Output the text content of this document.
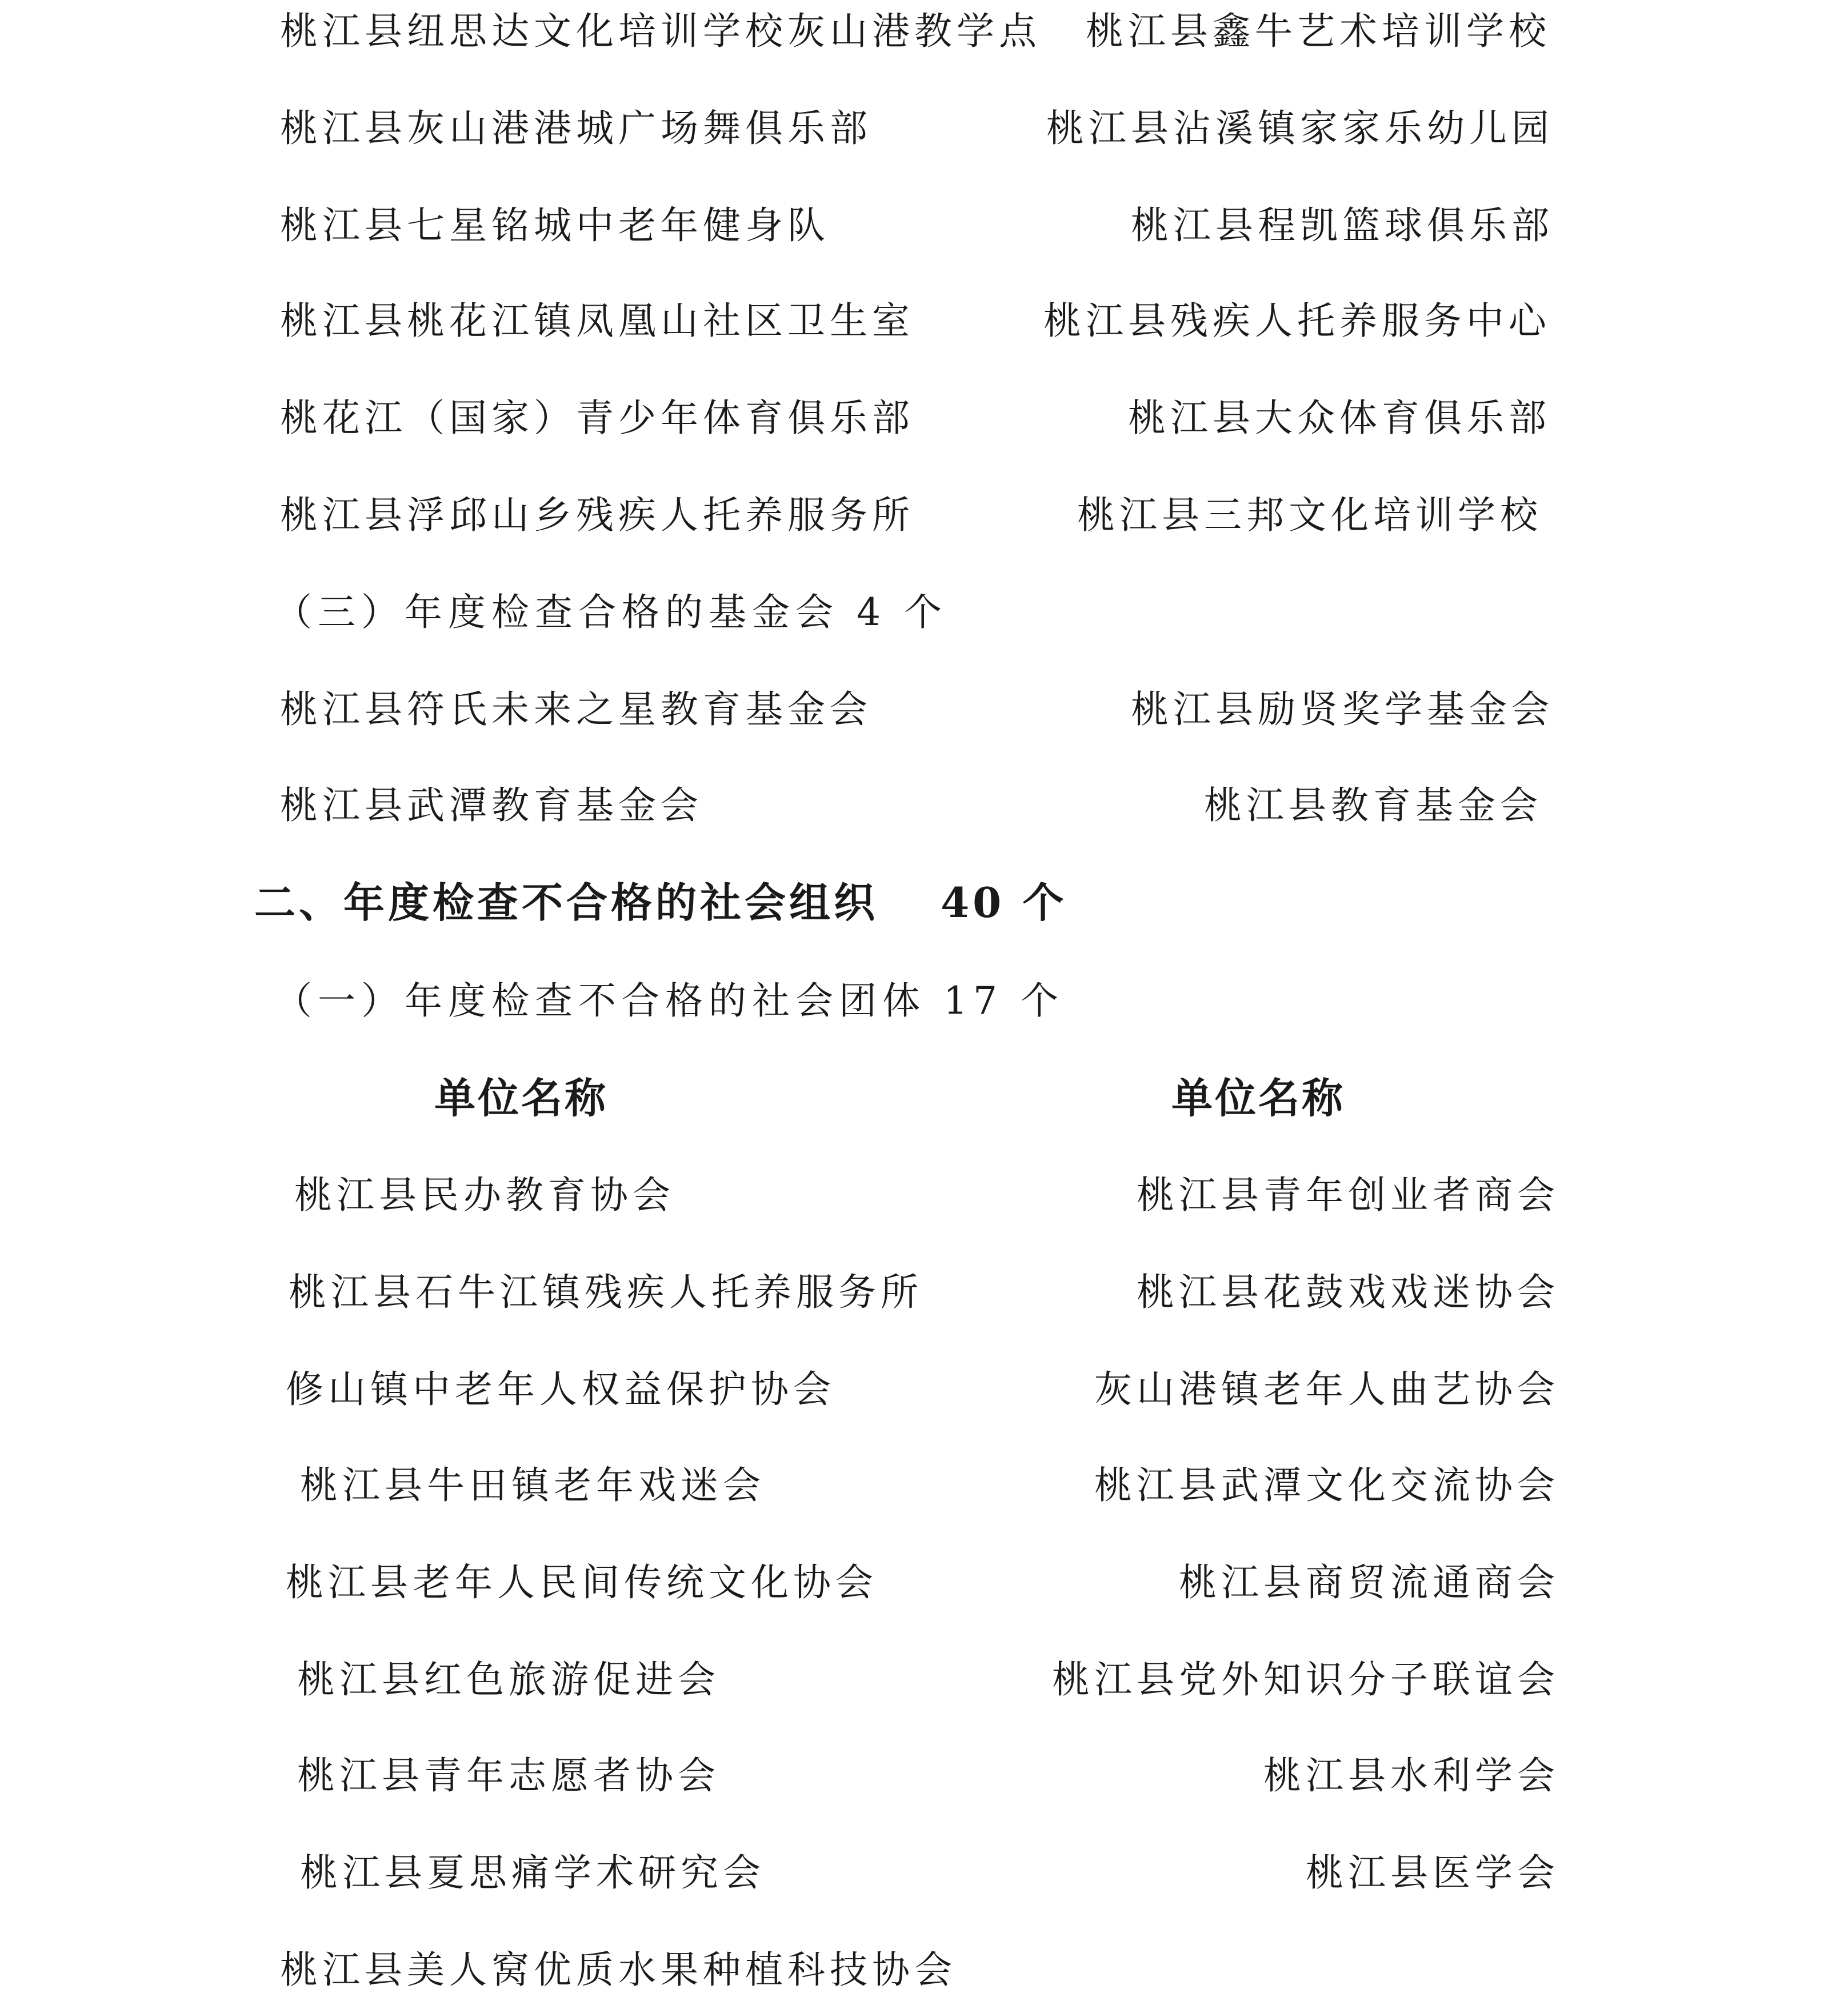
桃江县纽思达文化培训学校灰山港教学点 桃江县鑫牛艺术培训学校
桃江县灰山港港城广场舞俱乐部	桃江县沾溪镇家家乐幼儿园
桃江县七星铭城中老年健身队	桃江县程凯篮球俱乐部
桃江县桃花江镇凤凰山社区卫生室	桃江县残疾人托养服务中心
桃花江（国家）青少年体育俱乐部	桃江县大众体育俱乐部
桃江县浮邱山乡残疾人托养服务所	桃江县三邦文化培训学校
（三）年度检查合格的基金会 4 个
桃江县符氏未来之星教育基金会	桃江县励贤奖学基金会
桃江县武潭教育基金会	桃江县教育基金会
二、年度检查不合格的社会组织　 40 个
（一）年度检查不合格的社会团体 17 个
单位名称	单位名称
桃江县民办教育协会	桃江县青年创业者商会
桃江县石牛江镇残疾人托养服务所	桃江县花鼓戏戏迷协会
修山镇中老年人权益保护协会	灰山港镇老年人曲艺协会
桃江县牛田镇老年戏迷会	桃江县武潭文化交流协会
桃江县老年人民间传统文化协会	桃江县商贸流通商会
桃江县红色旅游促进会	桃江县党外知识分子联谊会
桃江县青年志愿者协会	桃江县水利学会
桃江县夏思痛学术研究会	桃江县医学会
桃江县美人窝优质水果种植科技协会
